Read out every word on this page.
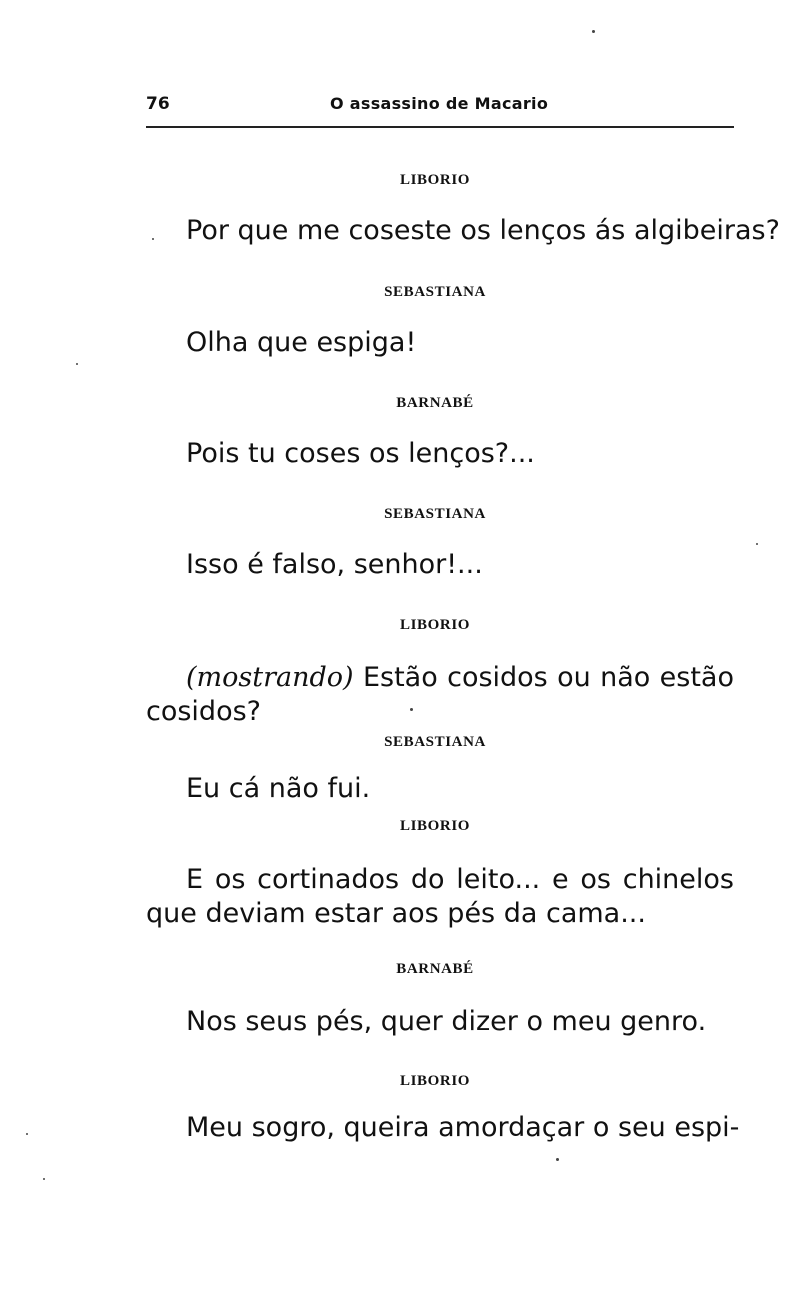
76	O assassino de Macario
LIBORIO
Por que me coseste os lenços ás algibeiras?
SEBASTIANA
Olha que espiga!
BARNABÉ
Pois tu coses os lenços?...
SEBASTIANA
Isso é falso, senhor!...
LIBORIO
(mostrando) Estão cosidos ou não estão cosidos?
SEBASTIANA
Eu cá não fui.
LIBORIO
E os cortinados do leito... e os chinelos que deviam estar aos pés da cama...
BARNABÉ
Nos seus pés, quer dizer o meu genro.
LIBORIO
Meu sogro, queira amordaçar o seu espi-
